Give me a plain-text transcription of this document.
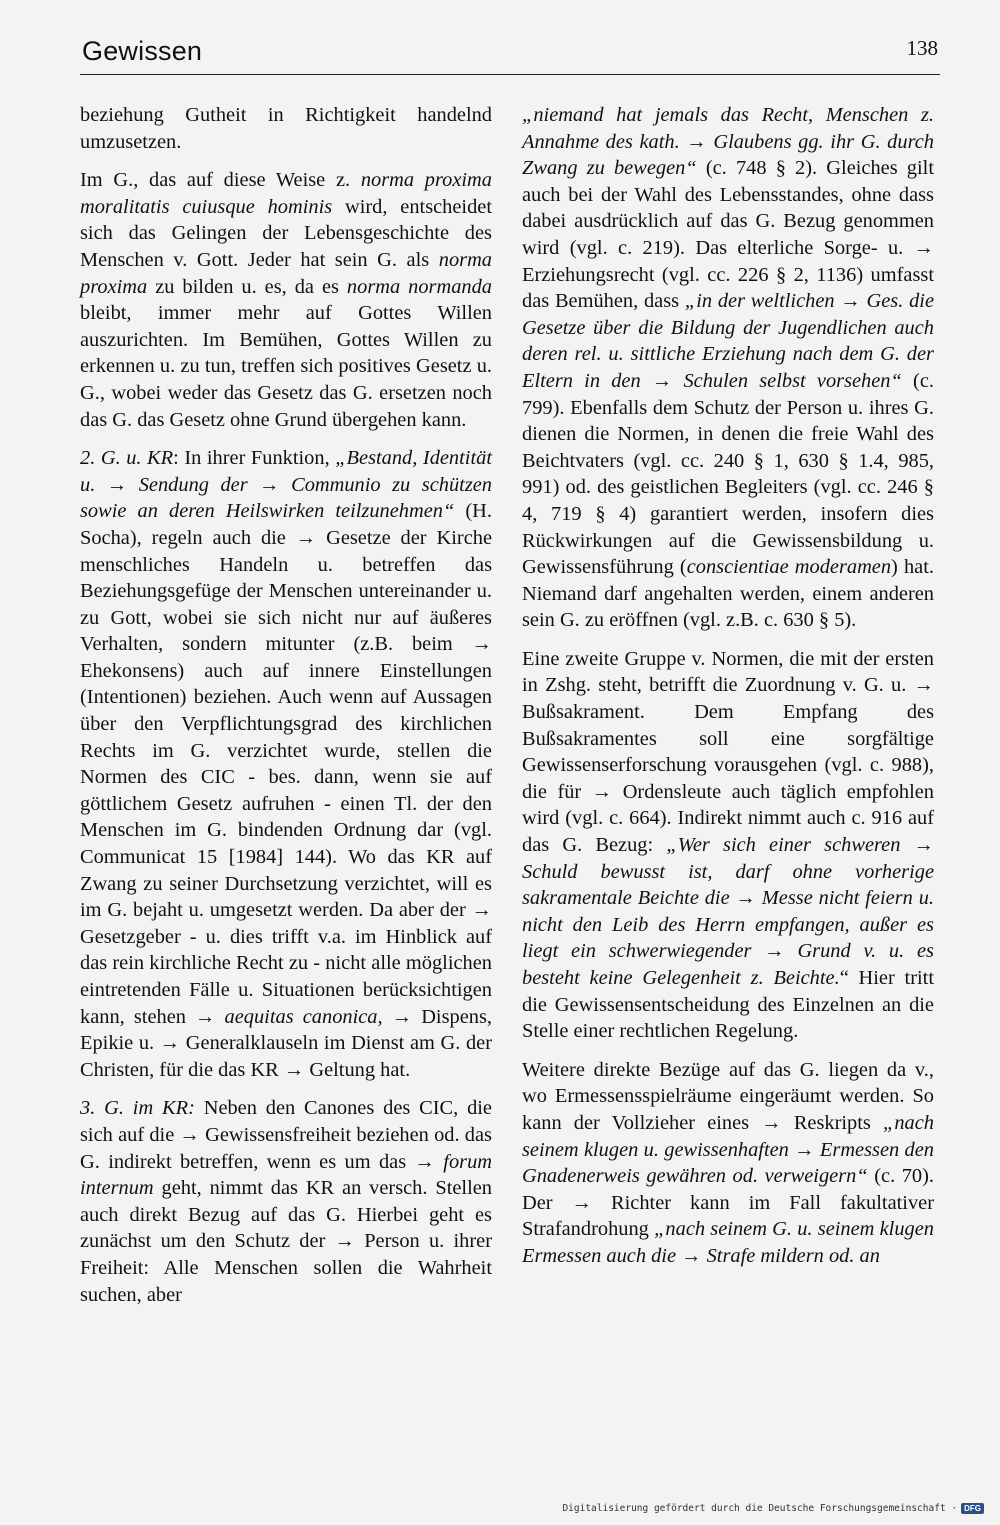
Gewissen	138

beziehung Gutheit in Richtigkeit handelnd umzusetzen.

Im G., das auf diese Weise z. norma proxima moralitatis cuiusque hominis wird, entscheidet sich das Gelingen der Lebensgeschichte des Menschen v. Gott. Jeder hat sein G. als norma proxima zu bilden u. es, da es norma normanda bleibt, immer mehr auf Gottes Willen auszurichten. Im Bemühen, Gottes Willen zu erkennen u. zu tun, treffen sich positives Gesetz u. G., wobei weder das Gesetz das G. ersetzen noch das G. das Gesetz ohne Grund übergehen kann.

2. G. u. KR: In ihrer Funktion, „Bestand, Identität u. → Sendung der → Communio zu schützen sowie an deren Heilswirken teilzunehmen“ (H. Socha), regeln auch die → Gesetze der Kirche menschliches Handeln u. betreffen das Beziehungsgefüge der Menschen untereinander u. zu Gott, wobei sie sich nicht nur auf äußeres Verhalten, sondern mitunter (z.B. beim → Ehekonsens) auch auf innere Einstellungen (Intentionen) beziehen. Auch wenn auf Aussagen über den Verpflichtungsgrad des kirchlichen Rechts im G. verzichtet wurde, stellen die Normen des CIC - bes. dann, wenn sie auf göttlichem Gesetz aufruhen - einen Tl. der den Menschen im G. bindenden Ordnung dar (vgl. Communicat 15 [1984] 144). Wo das KR auf Zwang zu seiner Durchsetzung verzichtet, will es im G. bejaht u. umgesetzt werden. Da aber der → Gesetzgeber - u. dies trifft v.a. im Hinblick auf das rein kirchliche Recht zu - nicht alle möglichen eintretenden Fälle u. Situationen berücksichtigen kann, stehen → aequitas canonica, → Dispens, Epikie u. → Generalklauseln im Dienst am G. der Christen, für die das KR → Geltung hat.

3. G. im KR: Neben den Canones des CIC, die sich auf die → Gewissensfreiheit beziehen od. das G. indirekt betreffen, wenn es um das → forum internum geht, nimmt das KR an versch. Stellen auch direkt Bezug auf das G. Hierbei geht es zunächst um den Schutz der → Person u. ihrer Freiheit: Alle Menschen sollen die Wahrheit suchen, aber

„niemand hat jemals das Recht, Menschen z. Annahme des kath. → Glaubens gg. ihr G. durch Zwang zu bewegen“ (c. 748 § 2). Gleiches gilt auch bei der Wahl des Lebensstandes, ohne dass dabei ausdrücklich auf das G. Bezug genommen wird (vgl. c. 219). Das elterliche Sorge- u. → Erziehungsrecht (vgl. cc. 226 § 2, 1136) umfasst das Bemühen, dass „in der weltlichen → Ges. die Gesetze über die Bildung der Jugendlichen auch deren rel. u. sittliche Erziehung nach dem G. der Eltern in den → Schulen selbst vorsehen“ (c. 799). Ebenfalls dem Schutz der Person u. ihres G. dienen die Normen, in denen die freie Wahl des Beichtvaters (vgl. cc. 240 § 1, 630 § 1.4, 985, 991) od. des geistlichen Begleiters (vgl. cc. 246 § 4, 719 § 4) garantiert werden, insofern dies Rückwirkungen auf die Gewissensbildung u. Gewissensführung (conscientiae moderamen) hat. Niemand darf angehalten werden, einem anderen sein G. zu eröffnen (vgl. z.B. c. 630 § 5).

Eine zweite Gruppe v. Normen, die mit der ersten in Zshg. steht, betrifft die Zuordnung v. G. u. → Bußsakrament. Dem Empfang des Bußsakramentes soll eine sorgfältige Gewissenserforschung vorausgehen (vgl. c. 988), die für → Ordensleute auch täglich empfohlen wird (vgl. c. 664). Indirekt nimmt auch c. 916 auf das G. Bezug: „Wer sich einer schweren → Schuld bewusst ist, darf ohne vorherige sakramentale Beichte die → Messe nicht feiern u. nicht den Leib des Herrn empfangen, außer es liegt ein schwerwiegender → Grund v. u. es besteht keine Gelegenheit z. Beichte.“ Hier tritt die Gewissensentscheidung des Einzelnen an die Stelle einer rechtlichen Regelung.

Weitere direkte Bezüge auf das G. liegen da v., wo Ermessensspielräume eingeräumt werden. So kann der Vollzieher eines → Reskripts „nach seinem klugen u. gewissenhaften → Ermessen den Gnadenerweis gewähren od. verweigern“ (c. 70). Der → Richter kann im Fall fakultativer Strafandrohung „nach seinem G. u. seinem klugen Ermessen auch die → Strafe mildern od. an

Digitalisierung gefördert durch die Deutsche Forschungsgemeinschaft · DFG
